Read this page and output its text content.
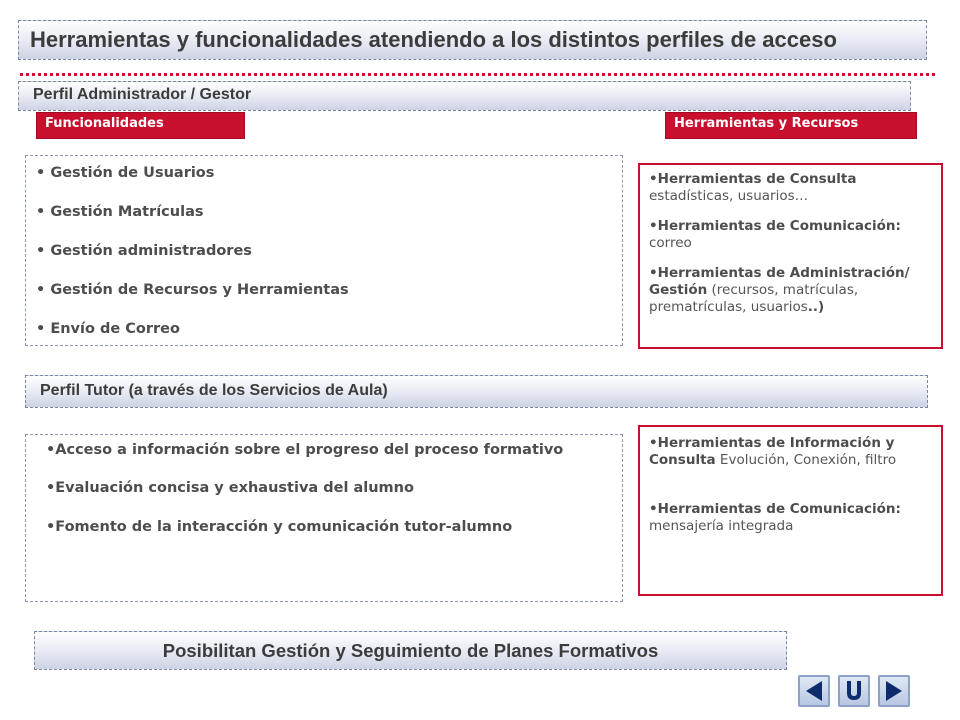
Herramientas y funcionalidades atendiendo a los distintos perfiles de acceso
Perfil Administrador / Gestor
Funcionalidades	Herramientas y Recursos
• Gestión de Usuarios
• Gestión Matrículas
• Gestión administradores
• Gestión de Recursos y Herramientas
• Envío de Correo
•Herramientas de Consulta estadísticas, usuarios…
•Herramientas de Comunicación: correo
•Herramientas de Administración/ Gestión (recursos, matrículas, prematrículas, usuarios..)
Perfil Tutor (a través de los Servicios de Aula)
•Acceso a información sobre el progreso del proceso formativo
•Evaluación concisa y exhaustiva del alumno
•Fomento de la interacción y comunicación tutor-alumno
•Herramientas de Información y Consulta Evolución, Conexión, filtro
•Herramientas de Comunicación: mensajería integrada
Posibilitan Gestión y Seguimiento de Planes Formativos
